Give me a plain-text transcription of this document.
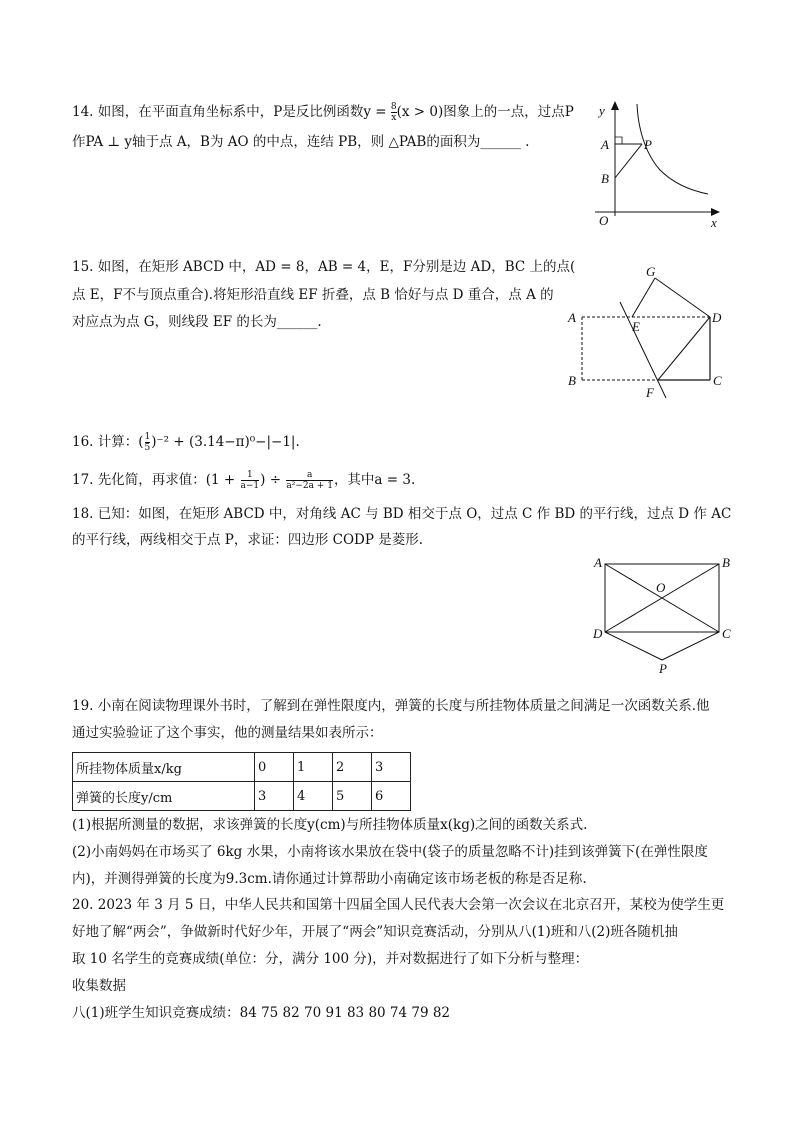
14. 如图，在平面直角坐标系中，P是反比例函数$y = \frac{8}{x} (x > 0)$图象上的一点，过点P
作PA ⊥ y轴于点 A，B为 AO 的中点，连结 PB，则 △PAB的面积为______ .
y
x
O
A
B
P
15. 如图，在矩形 ABCD 中，AD = 8，AB = 4，E，F分别是边 AD，BC 上的点(
点 E，F不与顶点重合).将矩形沿直线 EF 折叠，点 B 恰好与点 D 重合，点 A 的
对应点为点 G，则线段 EF 的长为______.
G
A
E
D
B
F
C
16. 计算：( $\frac{1}{5} )^{-2} + (3.14-\pi)^0-|-1|$.
17. 先化简，再求值：($1 + \frac{1}{a-1}$ ) ÷ $\frac{a}{\text{a²−2a + 1}}$ ，其中a = 3.
18. 已知：如图，在矩形 ABCD 中，对角线 AC 与 BD 相交于点 O，过点 C 作 BD 的平行线，过点 D 作 AC
的平行线，两线相交于点 P，求证：四边形 CODP 是菱形.
A	B
O
D	C
P
19. 小南在阅读物理课外书时，了解到在弹性限度内，弹簧的长度与所挂物体质量之间满足一次函数关系.他
通过实验验证了这个事实，他的测量结果如表所示：
所挂物体质量x/kg	0	1	2	3
弹簧的长度y/cm	3	4	5	6
(1)根据所测量的数据，求该弹簧的长度y(cm)与所挂物体质量x(kg)之间的函数关系式.
(2)小南妈妈在市场买了 6kg 水果，小南将该水果放在袋中(袋子的质量忽略不计)挂到该弹簧下(在弹性限度
内)，并测得弹簧的长度为9.3cm.请你通过计算帮助小南确定该市场老板的称是否足称.
20. 2023 年 3 月 5 日，中华人民共和国第十四届全国人民代表大会第一次会议在北京召开，某校为使学生更
好地了解“两会”，争做新时代好少年，开展了“两会”知识竞赛活动，分别从八(1)班和八(2)班各随机抽
取 10 名学生的竞赛成绩(单位：分，满分 100 分)，并对数据进行了如下分析与整理：
收集数据
八(1)班学生知识竞赛成绩：84 75 82 70 91 83 80 74 79 82
